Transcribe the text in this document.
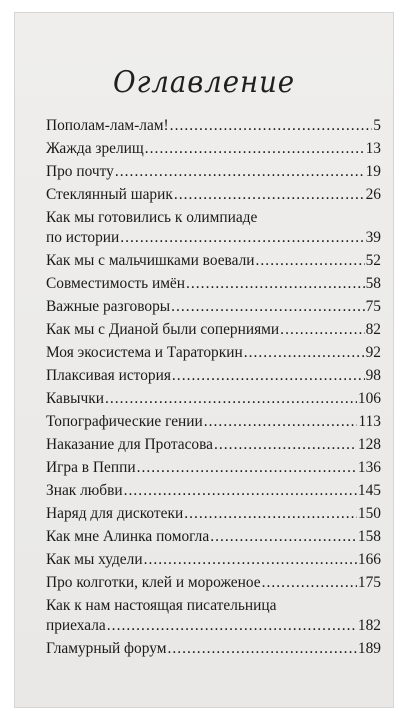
Оглавление
Пополам-лам-лам! . . .	5
Жажда зрелищ . . .	13
Про почту . . .	19
Стеклянный шарик . . .	26
Как мы готовились к олимпиаде
по истории . . .	39
Как мы с мальчишками воевали . . .	52
Совместимость имён . . .	58
Важные разговоры . . .	75
Как мы с Дианой были соперниями . . .	82
Моя экосистема и Тараторкин . . .	92
Плаксивая история . . .	98
Кавычки . . .	106
Топографические гении . . .	113
Наказание для Протасова . . .	128
Игра в Пеппи . . .	136
Знак любви . . .	145
Наряд для дискотеки . . .	150
Как мне Алинка помогла . . .	158
Как мы худели . . .	166
Про колготки, клей и мороженое . . .	175
Как к нам настоящая писательница
приехала . . .	182
Гламурный форум . . .	189
